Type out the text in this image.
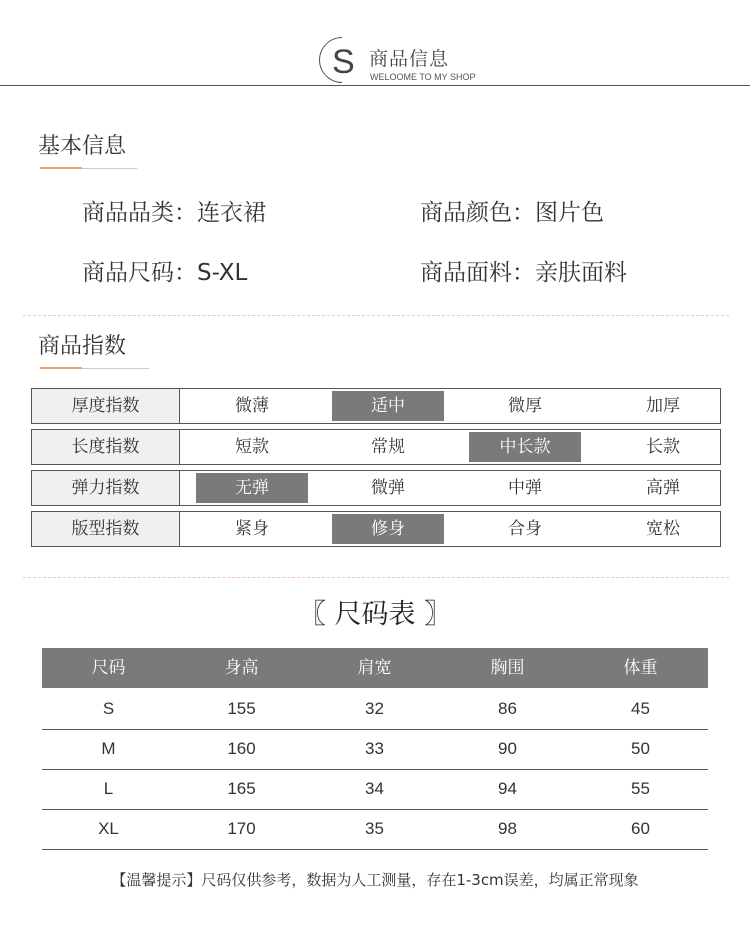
S 商品信息
WELOOME TO MY SHOP
基本信息
商品品类：连衣裙	商品颜色：图片色
商品尺码：S-XL	商品面料：亲肤面料
商品指数
厚度指数	微薄	适中	微厚	加厚
长度指数	短款	常规	中长款	长款
弹力指数	无弹	微弹	中弹	高弹
版型指数	紧身	修身	合身	宽松
〖 尺码表 〗
尺码	身高	肩宽	胸围	体重
S	155	32	86	45
M	160	33	90	50
L	165	34	94	55
XL	170	35	98	60
【温馨提示】尺码仅供参考，数据为人工测量，存在1-3cm误差，均属正常现象
